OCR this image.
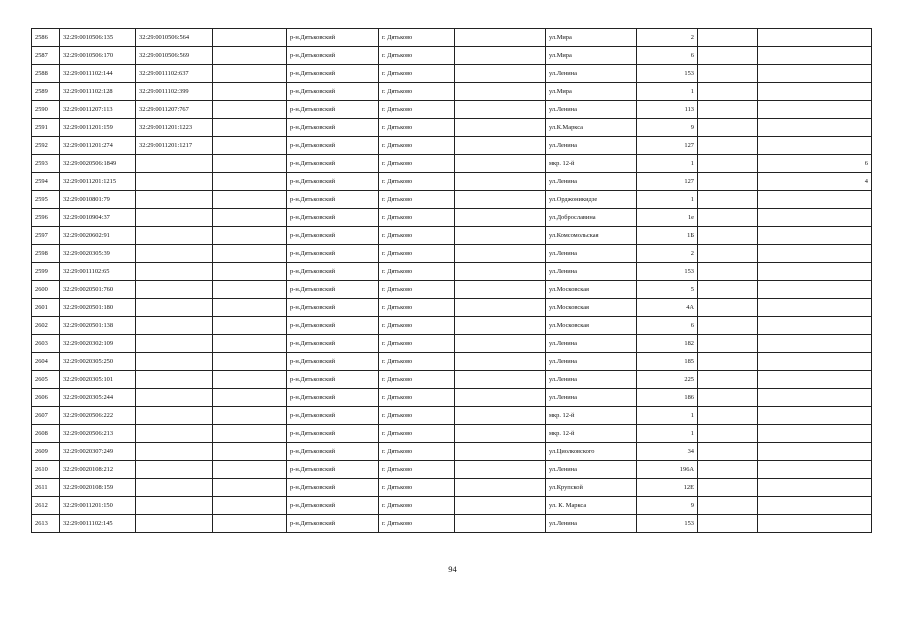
2586	32:29:0010506:135	32:29:0010506:564		р-н.Дятьковский	г. Дятьково		ул.Мира	2		
2587	32:29:0010506:170	32:29:0010506:569		р-н.Дятьковский	г. Дятьково		ул.Мира	6		
2588	32:29:0011102:144	32:29:0011102:637		р-н.Дятьковский	г. Дятьково		ул.Ленина	153		
2589	32:29:0011102:128	32:29:0011102:399		р-н.Дятьковский	г. Дятьково		ул.Мира	1		
2590	32:29:0011207:113	32:29:0011207:767		р-н.Дятьковский	г. Дятьково		ул.Ленина	113		
2591	32:29:0011201:159	32:29:0011201:1223		р-н.Дятьковский	г. Дятьково		ул.К.Маркса	9		
2592	32:29:0011201:274	32:29:0011201:1217		р-н.Дятьковский	г. Дятьково		ул.Ленина	127		
2593	32:29:0020506:1849			р-н.Дятьковский	г. Дятьково		мкр. 12-й	1		6
2594	32:29:0011201:1215			р-н.Дятьковский	г. Дятьково		ул.Ленина	127		4
2595	32:29:0010801:79			р-н.Дятьковский	г. Дятьково		ул.Орджоникидзе	1		
2596	32:29:0010904:37			р-н.Дятьковский	г. Дятьково		ул.Доброславина	1е		
2597	32:29:0020602:91			р-н.Дятьковский	г. Дятьково		ул.Комсомольская	1Б		
2598	32:29:0020305:39			р-н.Дятьковский	г. Дятьково		ул.Ленина	2		
2599	32:29:0011102:65			р-н.Дятьковский	г. Дятьково		ул.Ленина	153		
2600	32:29:0020501:760			р-н.Дятьковский	г. Дятьково		ул.Московская	5		
2601	32:29:0020501:180			р-н.Дятьковский	г. Дятьково		ул.Московская	4А		
2602	32:29:0020501:138			р-н.Дятьковский	г. Дятьково		ул.Московская	6		
2603	32:29:0020302:109			р-н.Дятьковский	г. Дятьково		ул.Ленина	182		
2604	32:29:0020305:250			р-н.Дятьковский	г. Дятьково		ул.Ленина	185		
2605	32:29:0020305:101			р-н.Дятьковский	г. Дятьково		ул.Ленина	225		
2606	32:29:0020305:244			р-н.Дятьковский	г. Дятьково		ул.Ленина	186		
2607	32:29:0020506:222			р-н.Дятьковский	г. Дятьково		мкр. 12-й	1		
2608	32:29:0020506:213			р-н.Дятьковский	г. Дятьково		мкр. 12-й	1		
2609	32:29:0020307:249			р-н.Дятьковский	г. Дятьково		ул.Циолковского	34		
2610	32:29:0020108:212			р-н.Дятьковский	г. Дятьково		ул.Ленина	196А		
2611	32:29:0020108:159			р-н.Дятьковский	г. Дятьково		ул.Крупской	12Е		
2612	32:29:0011201:150			р-н.Дятьковский	г. Дятьково		ул. К. Маркса	9		
2613	32:29:0011102:145			р-н.Дятьковский	г. Дятьково		ул.Ленина	153		
94
